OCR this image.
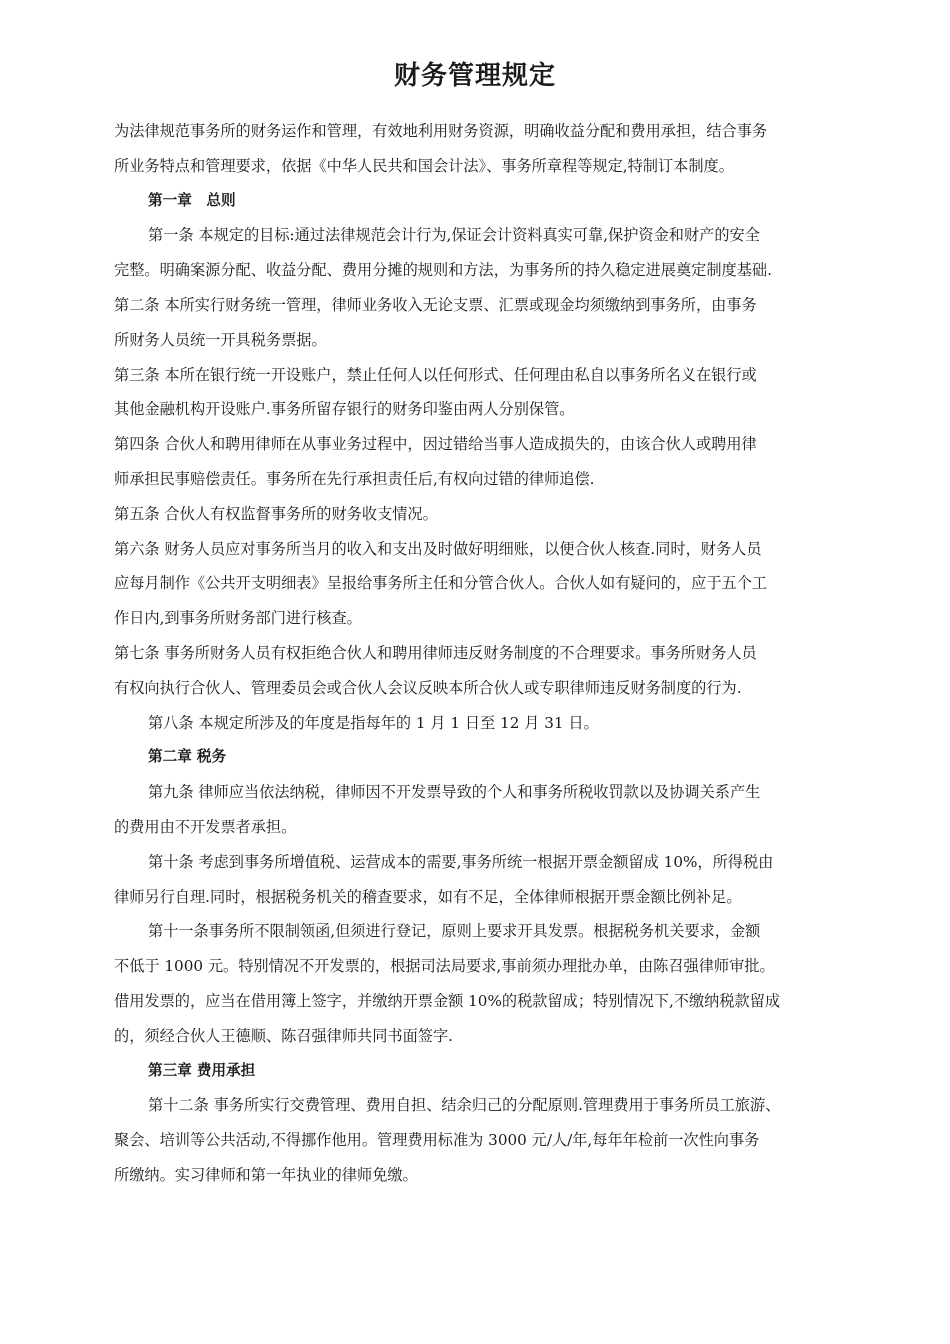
财务管理规定

为法律规范事务所的财务运作和管理，有效地利用财务资源，明确收益分配和费用承担，结合事务

所业务特点和管理要求，依据《中华人民共和国会计法》、事务所章程等规定,特制订本制度。

第一章　总则

第一条 本规定的目标:通过法律规范会计行为,保证会计资料真实可靠,保护资金和财产的安全

完整。明确案源分配、收益分配、费用分摊的规则和方法，为事务所的持久稳定进展奠定制度基础.

第二条 本所实行财务统一管理，律师业务收入无论支票、汇票或现金均须缴纳到事务所，由事务

所财务人员统一开具税务票据。

第三条 本所在银行统一开设账户，禁止任何人以任何形式、任何理由私自以事务所名义在银行或

其他金融机构开设账户.事务所留存银行的财务印鉴由两人分别保管。

第四条 合伙人和聘用律师在从事业务过程中，因过错给当事人造成损失的，由该合伙人或聘用律

师承担民事赔偿责任。事务所在先行承担责任后,有权向过错的律师追偿.

第五条 合伙人有权监督事务所的财务收支情况。

第六条 财务人员应对事务所当月的收入和支出及时做好明细账，以便合伙人核查.同时，财务人员

应每月制作《公共开支明细表》呈报给事务所主任和分管合伙人。合伙人如有疑问的，应于五个工

作日内,到事务所财务部门进行核查。

第七条 事务所财务人员有权拒绝合伙人和聘用律师违反财务制度的不合理要求。事务所财务人员

有权向执行合伙人、管理委员会或合伙人会议反映本所合伙人或专职律师违反财务制度的行为.

第八条 本规定所涉及的年度是指每年的 1 月 1 日至 12 月 31 日。

第二章 税务

第九条 律师应当依法纳税，律师因不开发票导致的个人和事务所税收罚款以及协调关系产生

的费用由不开发票者承担。

第十条 考虑到事务所增值税、运营成本的需要,事务所统一根据开票金额留成 10%，所得税由

律师另行自理.同时，根据税务机关的稽查要求，如有不足，全体律师根据开票金额比例补足。

第十一条事务所不限制领函,但须进行登记，原则上要求开具发票。根据税务机关要求，金额

不低于 1000 元。特别情况不开发票的，根据司法局要求,事前须办理批办单，由陈召强律师审批。

借用发票的，应当在借用簿上签字，并缴纳开票金额 10%的税款留成；特别情况下,不缴纳税款留成

的，须经合伙人王德顺、陈召强律师共同书面签字.

第三章 费用承担

第十二条 事务所实行交费管理、费用自担、结余归己的分配原则.管理费用于事务所员工旅游、

聚会、培训等公共活动,不得挪作他用。管理费用标准为 3000 元/人/年,每年年检前一次性向事务

所缴纳。实习律师和第一年执业的律师免缴。
